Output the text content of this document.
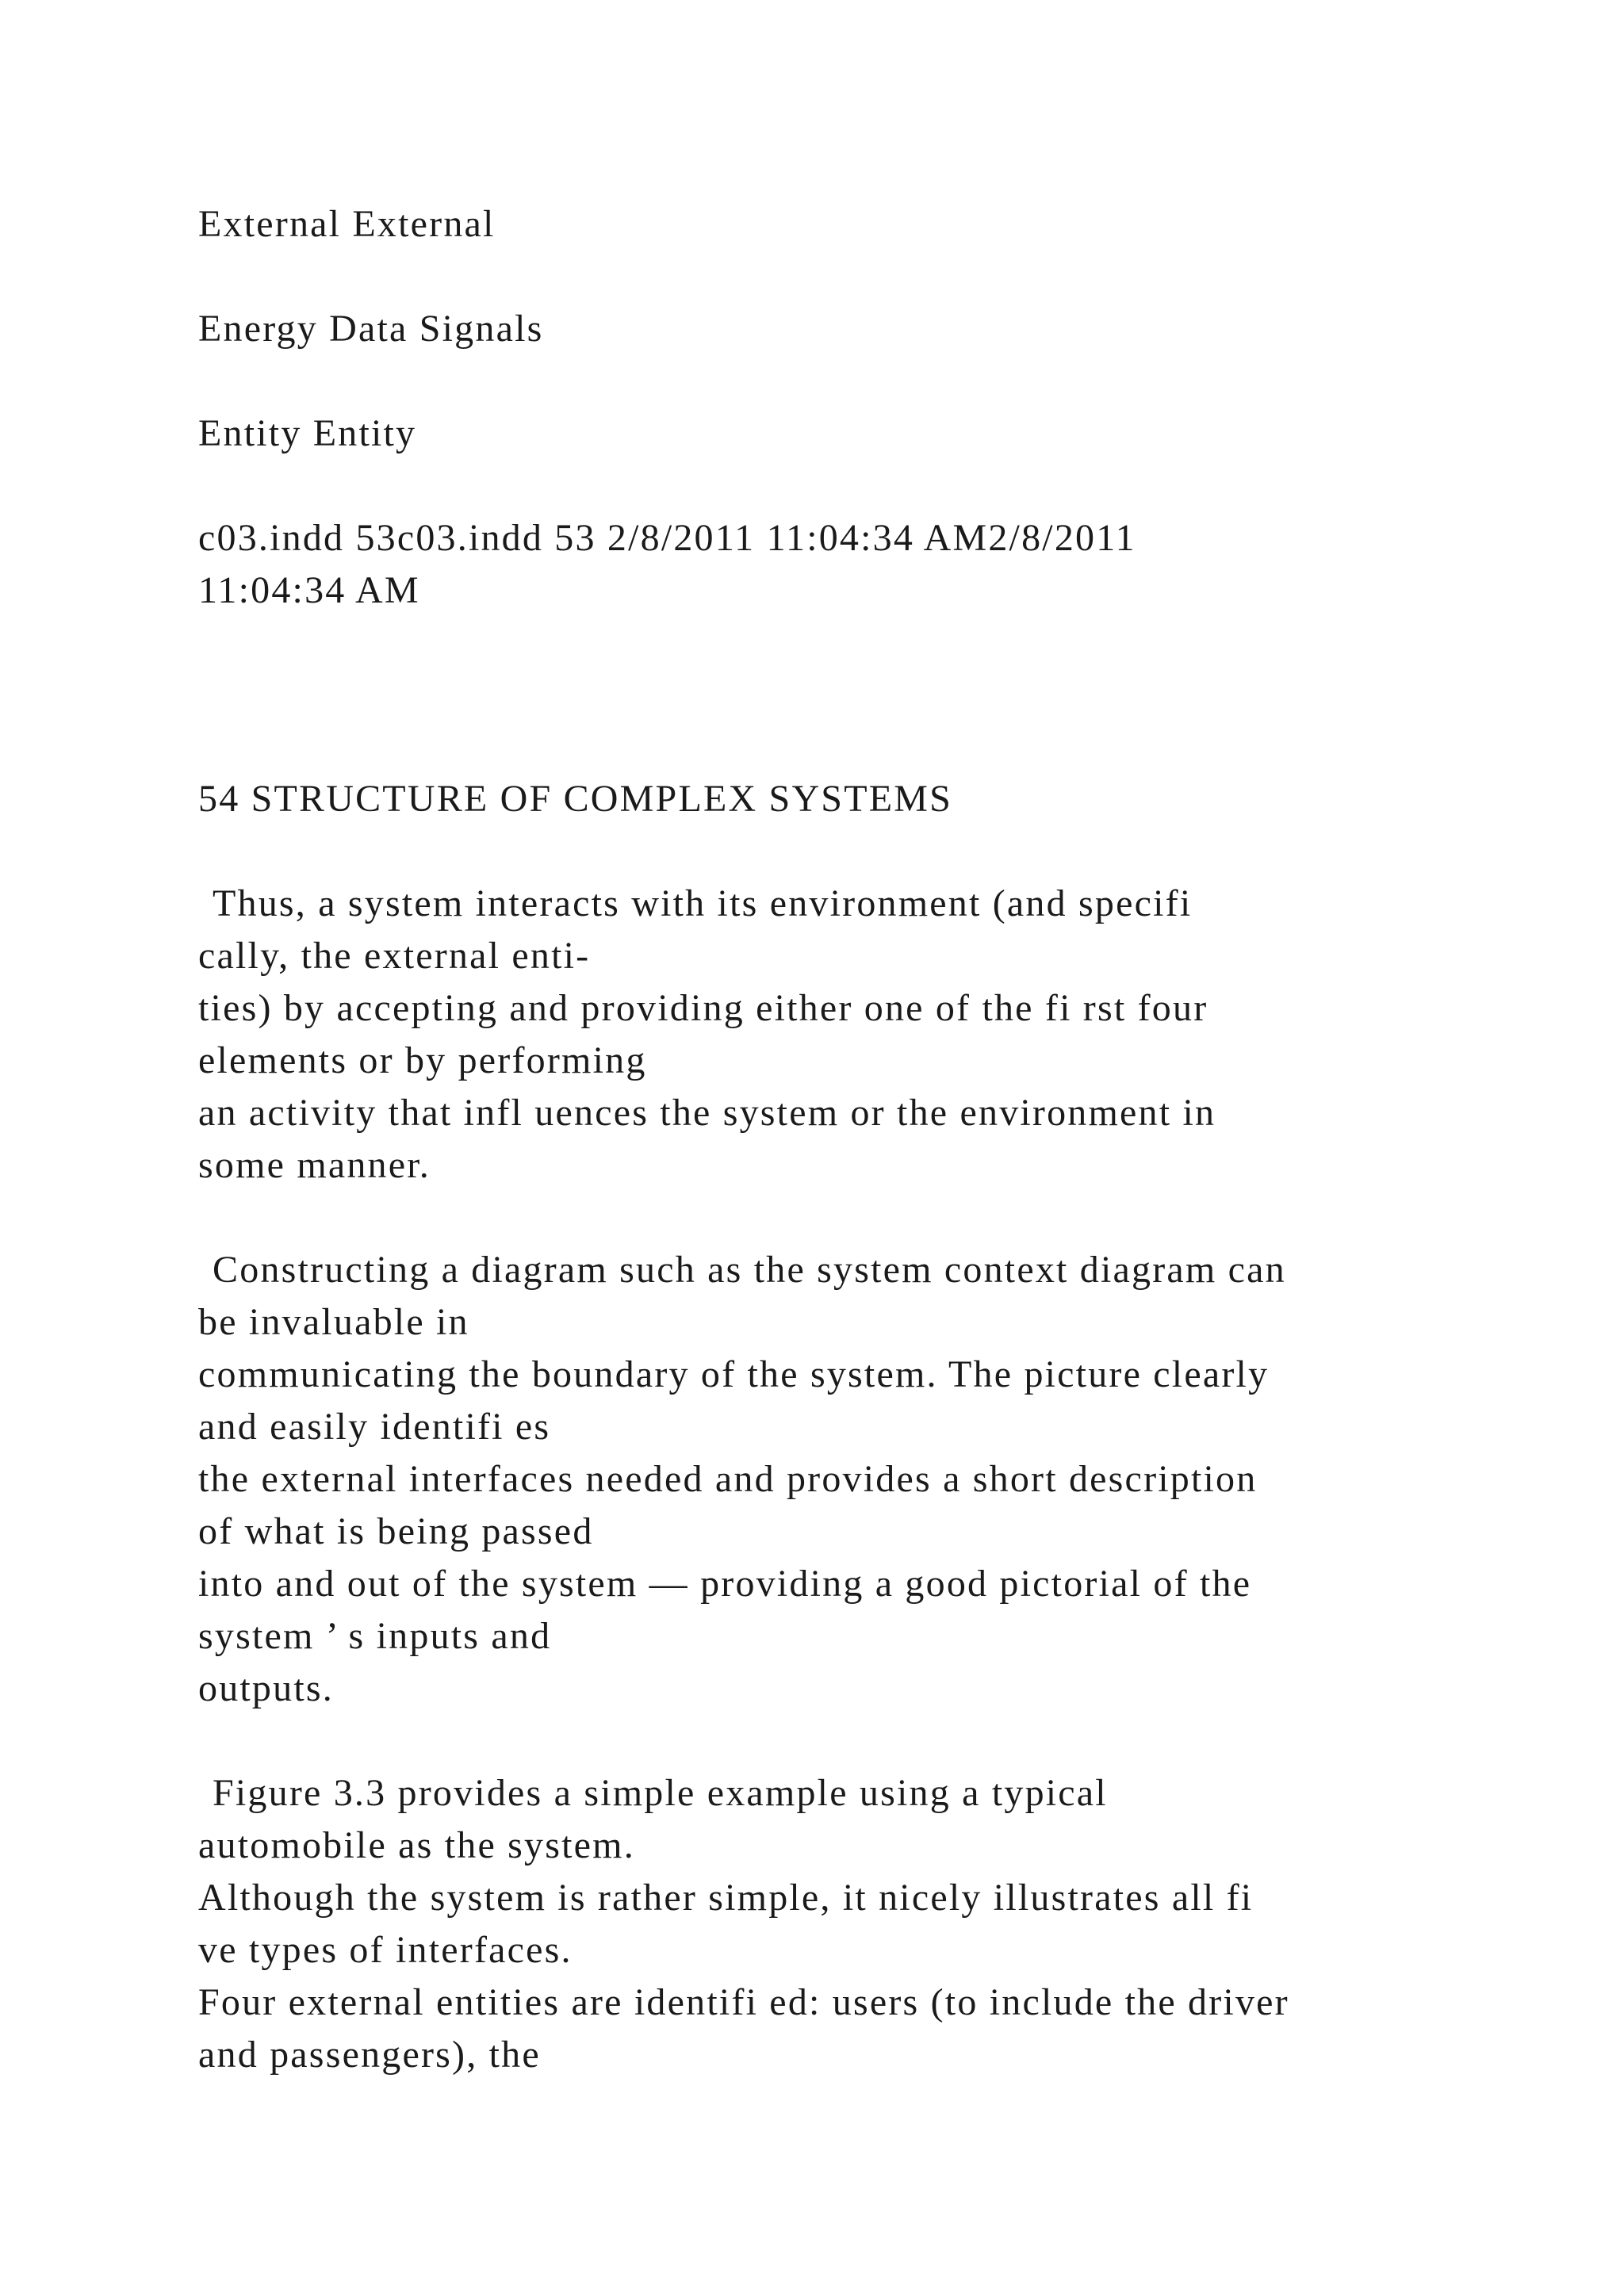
External External

Energy Data Signals

Entity Entity

c03.indd 53c03.indd 53 2/8/2011 11:04:34 AM2/8/2011
11:04:34 AM

54 STRUCTURE OF COMPLEX SYSTEMS

Thus, a system interacts with its environment (and specifi
cally, the external enti-
ties) by accepting and providing either one of the fi rst four
elements or by performing
an activity that infl uences the system or the environment in
some manner.

Constructing a diagram such as the system context diagram can
be invaluable in
communicating the boundary of the system. The picture clearly
and easily identifi es
the external interfaces needed and provides a short description
of what is being passed
into and out of the system — providing a good pictorial of the
system ’ s inputs and
outputs.

Figure 3.3 provides a simple example using a typical
automobile as the system.
Although the system is rather simple, it nicely illustrates all fi
ve types of interfaces.
Four external entities are identifi ed: users (to include the driver
and passengers), the
